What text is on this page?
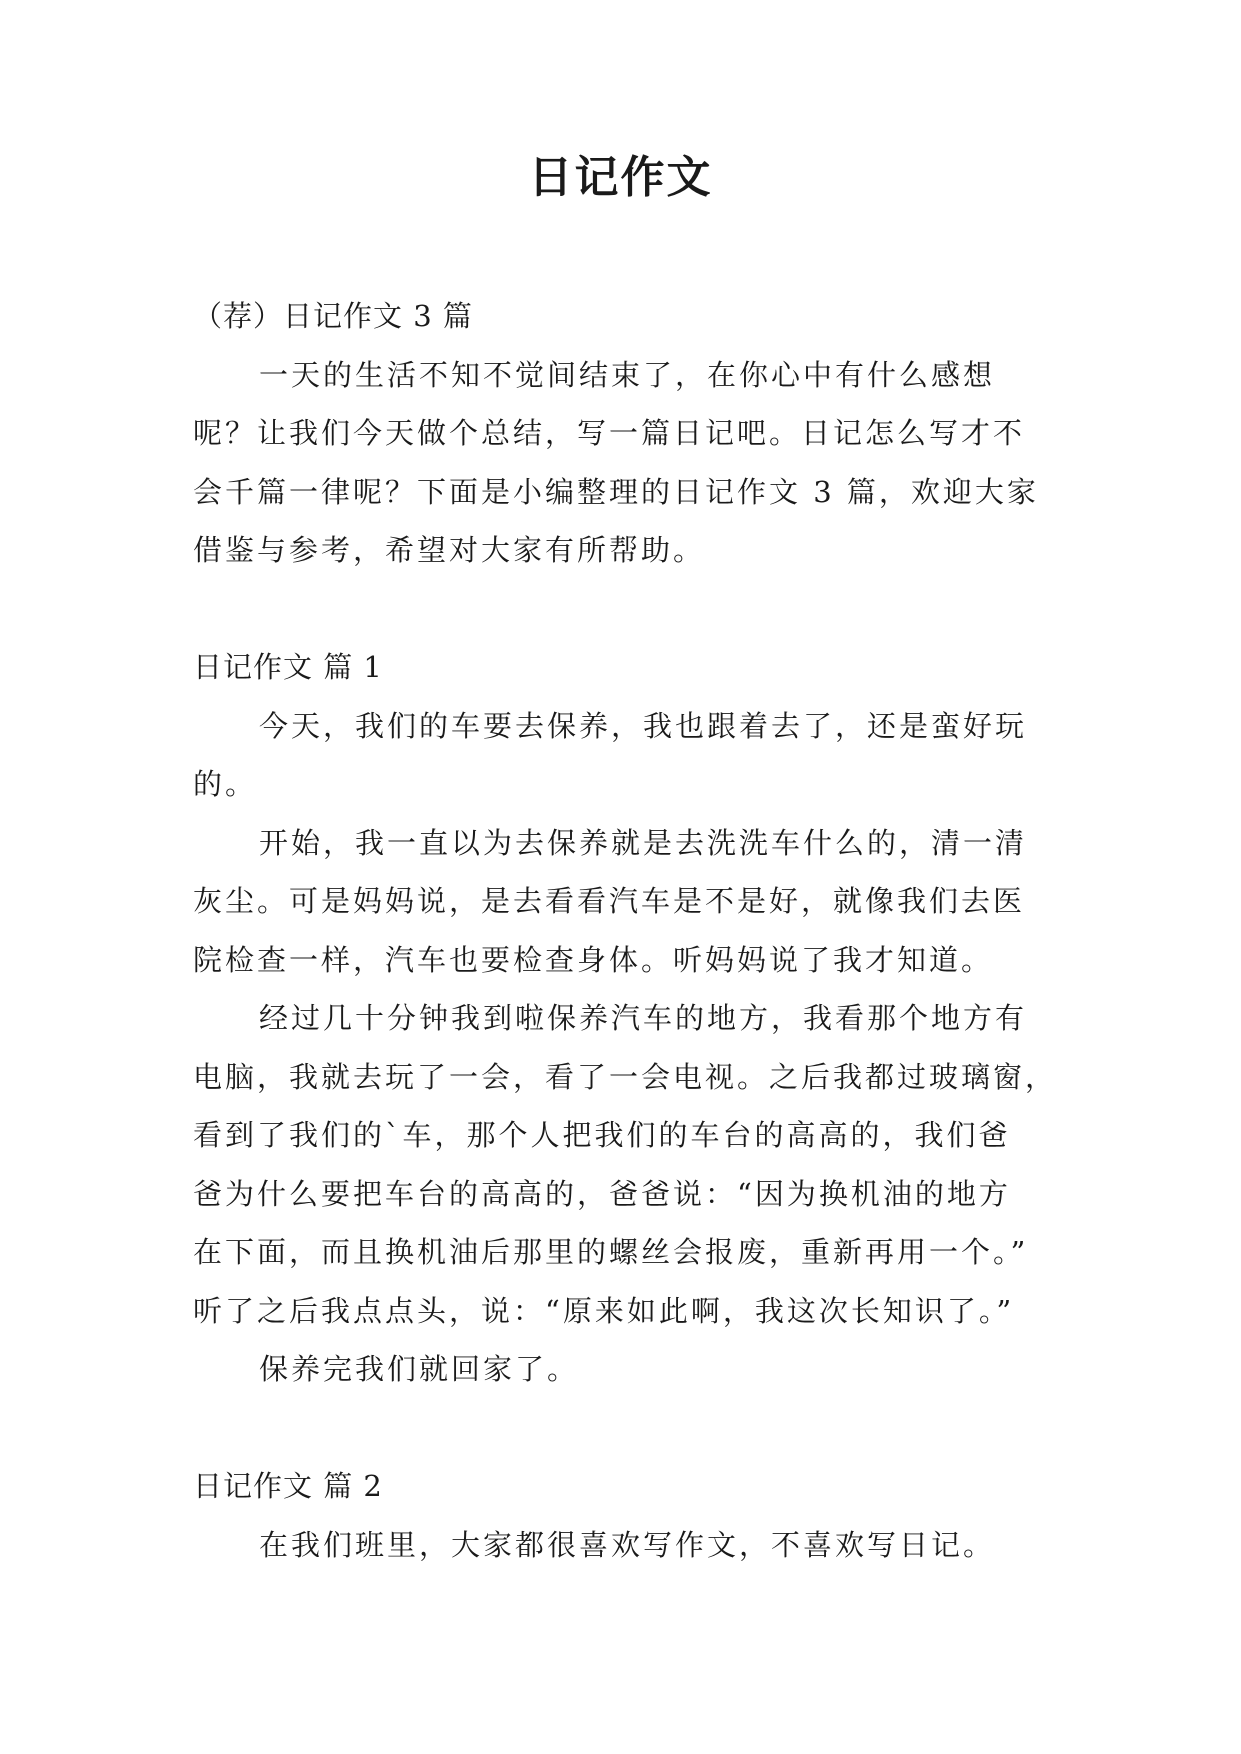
日记作文
（荐）日记作文 3 篇
一天的生活不知不觉间结束了，在你心中有什么感想
呢？让我们今天做个总结，写一篇日记吧。日记怎么写才不
会千篇一律呢？下面是小编整理的日记作文 3 篇，欢迎大家
借鉴与参考，希望对大家有所帮助。
日记作文 篇 1
今天，我们的车要去保养，我也跟着去了，还是蛮好玩
的。
开始，我一直以为去保养就是去洗洗车什么的，清一清
灰尘。可是妈妈说，是去看看汽车是不是好，就像我们去医
院检查一样，汽车也要检查身体。听妈妈说了我才知道。
经过几十分钟我到啦保养汽车的地方，我看那个地方有
电脑，我就去玩了一会，看了一会电视。之后我都过玻璃窗，
看到了我们的`车，那个人把我们的车台的高高的，我们爸
爸为什么要把车台的高高的，爸爸说：“因为换机油的地方
在下面，而且换机油后那里的螺丝会报废，重新再用一个。”
听了之后我点点头，说：“原来如此啊，我这次长知识了。”
保养完我们就回家了。
日记作文 篇 2
在我们班里，大家都很喜欢写作文，不喜欢写日记。
